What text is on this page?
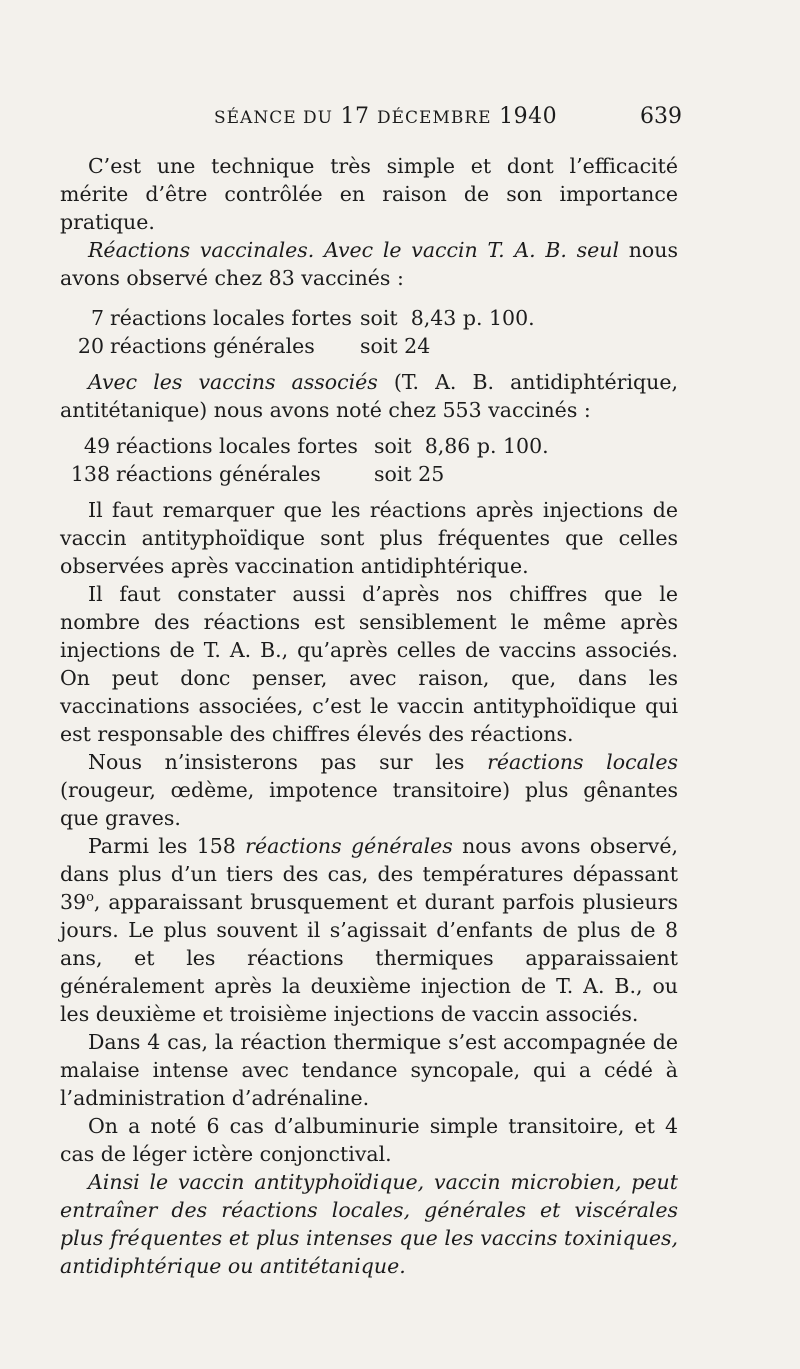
SÉANCE DU 17 DÉCEMBRE 1940	639

C’est une technique très simple et dont l’efficacité mérite d’être contrôlée en raison de son importance pratique.

Réactions vaccinales. Avec le vaccin T. A. B. seul nous avons observé chez 83 vaccinés :

7 réactions locales fortes soit  8,43 p. 100.
20 réactions générales	soit 24

Avec les vaccins associés (T. A. B. antidiphtérique, antitétanique) nous avons noté chez 553 vaccinés :

49 réactions locales fortes soit  8,86 p. 100.
138 réactions générales	soit 25

Il faut remarquer que les réactions après injections de vaccin antityphoïdique sont plus fréquentes que celles observées après vaccination antidiphtérique.

Il faut constater aussi d’après nos chiffres que le nombre des réactions est sensiblement le même après injections de T. A. B., qu’après celles de vaccins associés. On peut donc penser, avec raison, que, dans les vaccinations associées, c’est le vaccin antityphoïdique qui est responsable des chiffres élevés des réactions.

Nous n’insisterons pas sur les réactions locales (rougeur, œdème, impotence transitoire) plus gênantes que graves.

Parmi les 158 réactions générales nous avons observé, dans plus d’un tiers des cas, des températures dépassant 39$^o$, apparaissant brusquement et durant parfois plusieurs jours. Le plus souvent il s’agissait d’enfants de plus de 8 ans, et les réactions thermiques apparaissaient généralement après la deuxième injection de T. A. B., ou les deuxième et troisième injections de vaccin associés.

Dans 4 cas, la réaction thermique s’est accompagnée de malaise intense avec tendance syncopale, qui a cédé à l’administration d’adrénaline.

On a noté 6 cas d’albuminurie simple transitoire, et 4 cas de léger ictère conjonctival.

Ainsi le vaccin antityphoïdique, vaccin microbien, peut entraîner des réactions locales, générales et viscérales plus fréquentes et plus intenses que les vaccins toxiniques, antidiphtérique ou antitétanique.
